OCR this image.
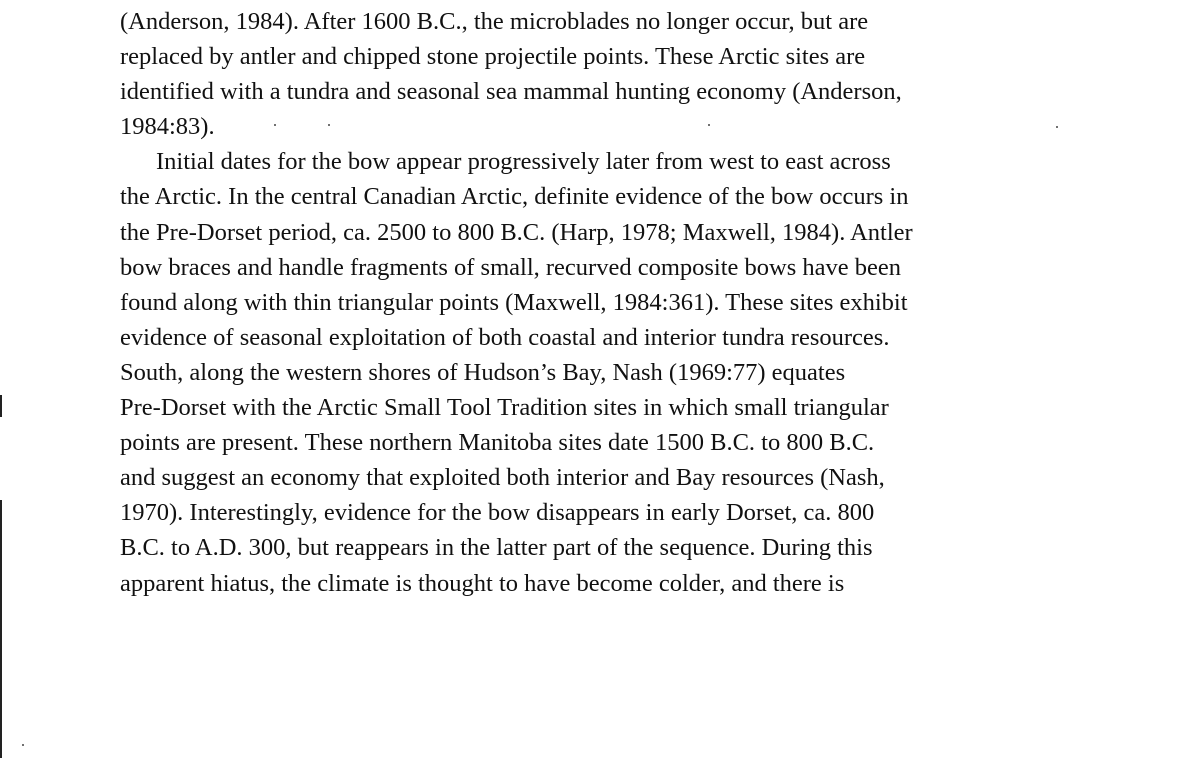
(Anderson, 1984). After 1600 B.C., the microblades no longer occur, but are
replaced by antler and chipped stone projectile points. These Arctic sites are
identified with a tundra and seasonal sea mammal hunting economy (Anderson,
1984:83).
Initial dates for the bow appear progressively later from west to east across
the Arctic. In the central Canadian Arctic, definite evidence of the bow occurs in
the Pre-Dorset period, ca. 2500 to 800 B.C. (Harp, 1978; Maxwell, 1984). Antler
bow braces and handle fragments of small, recurved composite bows have been
found along with thin triangular points (Maxwell, 1984:361). These sites exhibit
evidence of seasonal exploitation of both coastal and interior tundra resources.
South, along the western shores of Hudson’s Bay, Nash (1969:77) equates
Pre-Dorset with the Arctic Small Tool Tradition sites in which small triangular
points are present. These northern Manitoba sites date 1500 B.C. to 800 B.C.
and suggest an economy that exploited both interior and Bay resources (Nash,
1970). Interestingly, evidence for the bow disappears in early Dorset, ca. 800
B.C. to A.D. 300, but reappears in the latter part of the sequence. During this
apparent hiatus, the climate is thought to have become colder, and there is
